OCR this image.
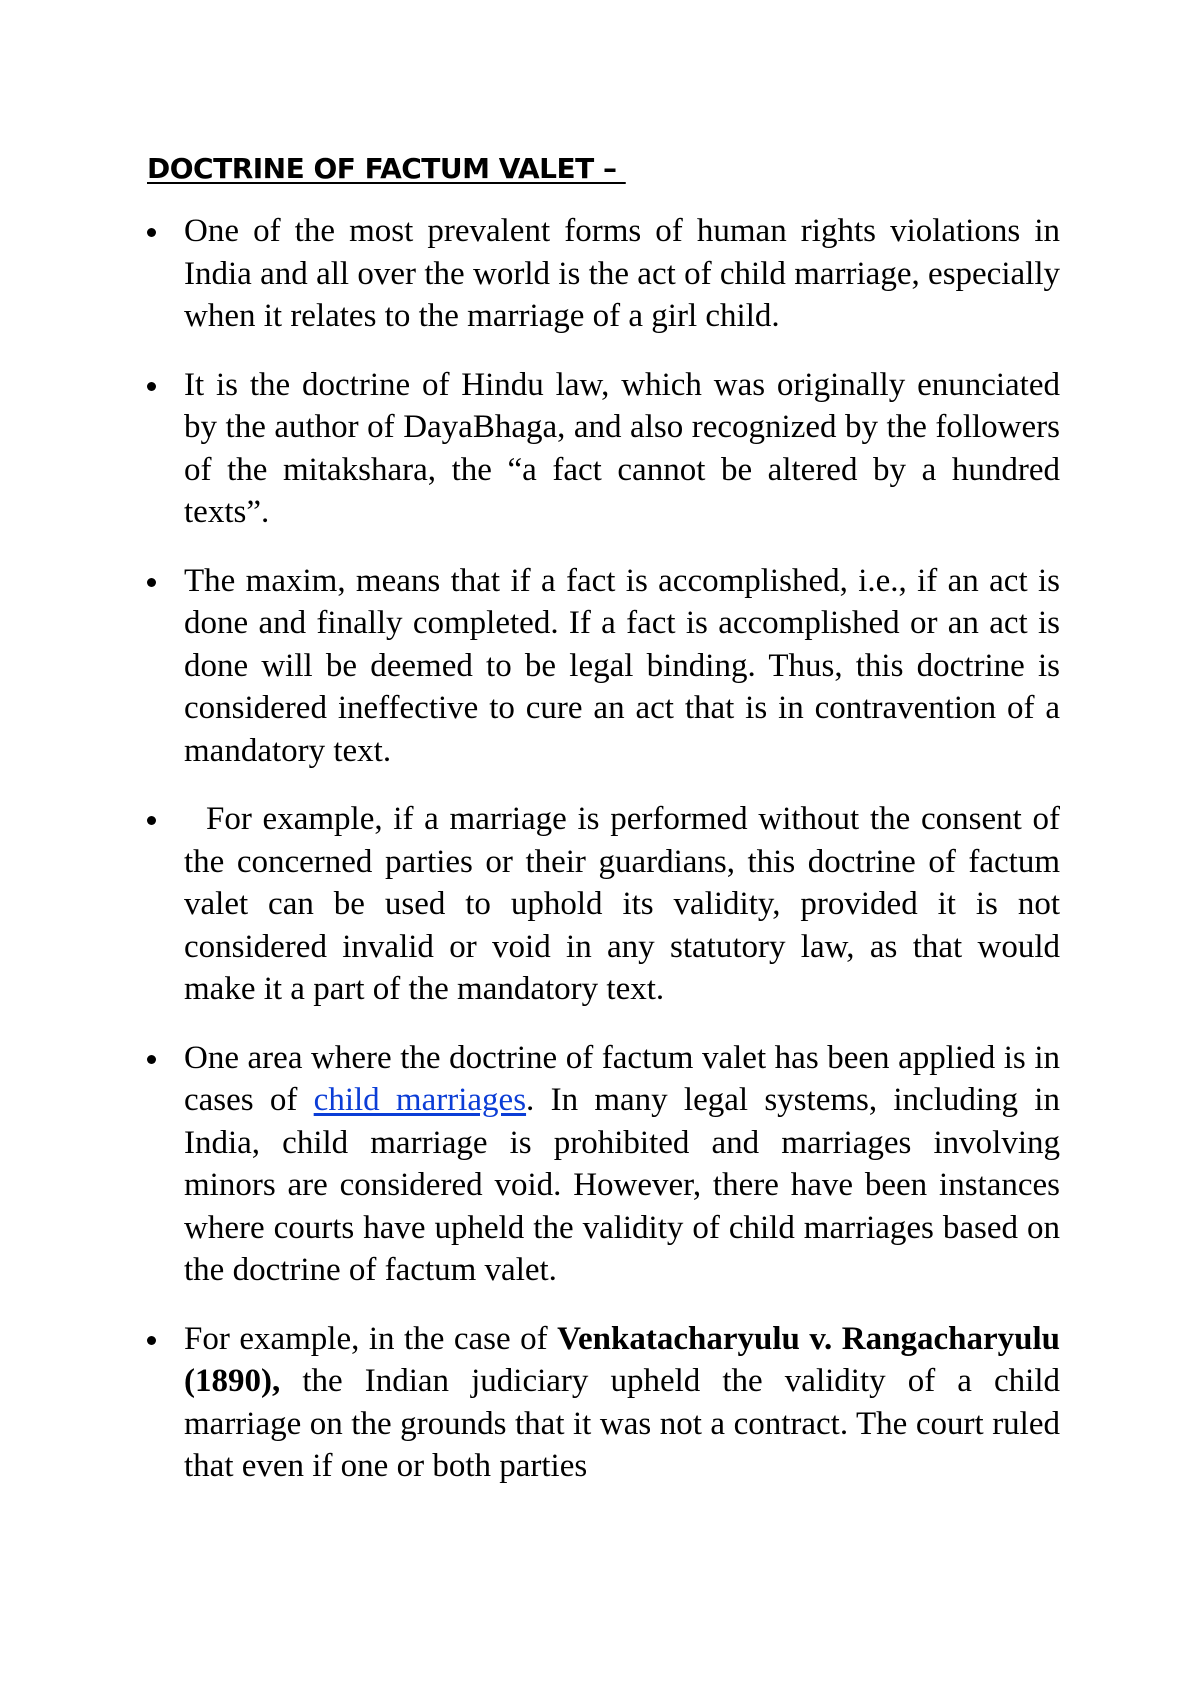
DOCTRINE OF FACTUM VALET –
One of the most prevalent forms of human rights violations in India and all over the world is the act of child marriage, especially when it relates to the marriage of a girl child.
It is the doctrine of Hindu law, which was originally enunciated by the author of DayaBhaga, and also recognized by the followers of the mitakshara, the “a fact cannot be altered by a hundred texts”.
The maxim, means that if a fact is accomplished, i.e., if an act is done and finally completed. If a fact is accomplished or an act is done will be deemed to be legal binding. Thus, this doctrine is considered ineffective to cure an act that is in contravention of a mandatory text.
For example, if a marriage is performed without the consent of the concerned parties or their guardians, this doctrine of factum valet can be used to uphold its validity, provided it is not considered invalid or void in any statutory law, as that would make it a part of the mandatory text.
One area where the doctrine of factum valet has been applied is in cases of child marriages. In many legal systems, including in India, child marriage is prohibited and marriages involving minors are considered void. However, there have been instances where courts have upheld the validity of child marriages based on the doctrine of factum valet.
For example, in the case of Venkatacharyulu v. Rangacharyulu (1890), the Indian judiciary upheld the validity of a child marriage on the grounds that it was not a contract. The court ruled that even if one or both parties
